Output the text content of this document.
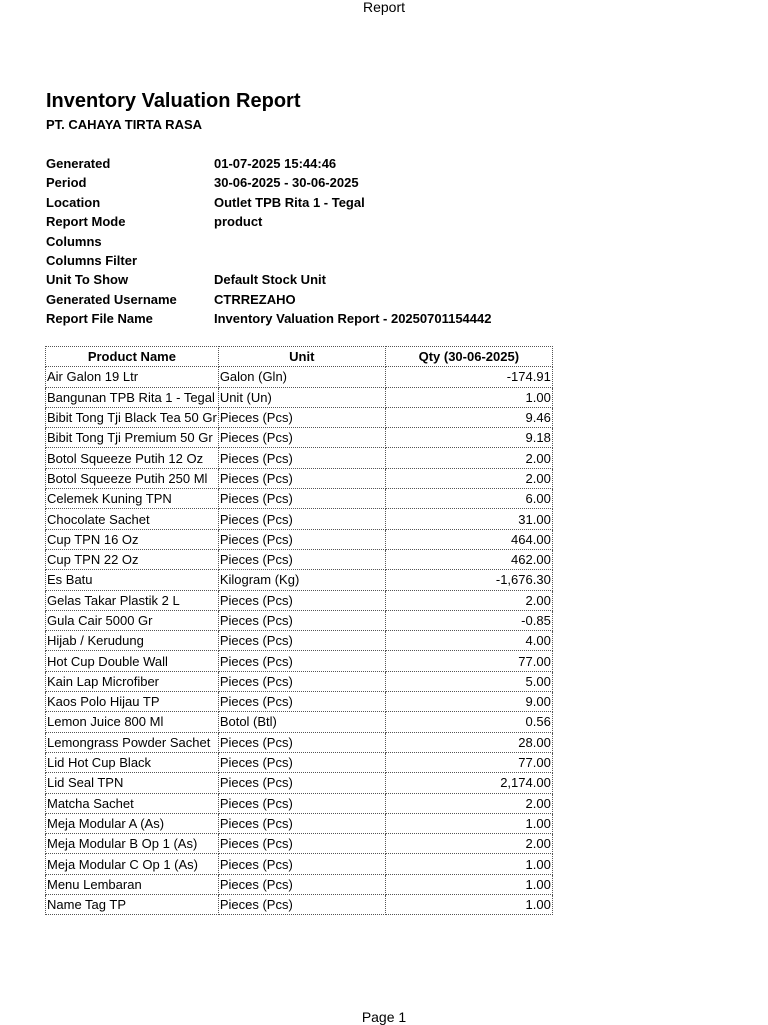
Report
Inventory Valuation Report
PT. CAHAYA TIRTA RASA
Generated	01-07-2025 15:44:46
Period	30-06-2025 - 30-06-2025
Location	Outlet TPB Rita 1 - Tegal
Report Mode	product
Columns
Columns Filter
Unit To Show	Default Stock Unit
Generated Username	CTRREZAHO
Report File Name	Inventory Valuation Report - 20250701154442
Product Name	Unit	Qty (30-06-2025)
Air Galon 19 Ltr	Galon (Gln)	-174.91
Bangunan TPB Rita 1 - Tegal	Unit (Un)	1.00
Bibit Tong Tji Black Tea 50 Gr	Pieces (Pcs)	9.46
Bibit Tong Tji Premium 50 Gr	Pieces (Pcs)	9.18
Botol Squeeze Putih 12 Oz	Pieces (Pcs)	2.00
Botol Squeeze Putih 250 Ml	Pieces (Pcs)	2.00
Celemek Kuning TPN	Pieces (Pcs)	6.00
Chocolate Sachet	Pieces (Pcs)	31.00
Cup TPN 16 Oz	Pieces (Pcs)	464.00
Cup TPN 22 Oz	Pieces (Pcs)	462.00
Es Batu	Kilogram (Kg)	-1,676.30
Gelas Takar Plastik 2 L	Pieces (Pcs)	2.00
Gula Cair 5000 Gr	Pieces (Pcs)	-0.85
Hijab / Kerudung	Pieces (Pcs)	4.00
Hot Cup Double Wall	Pieces (Pcs)	77.00
Kain Lap Microfiber	Pieces (Pcs)	5.00
Kaos Polo Hijau TP	Pieces (Pcs)	9.00
Lemon Juice 800 Ml	Botol (Btl)	0.56
Lemongrass Powder Sachet	Pieces (Pcs)	28.00
Lid Hot Cup Black	Pieces (Pcs)	77.00
Lid Seal TPN	Pieces (Pcs)	2,174.00
Matcha Sachet	Pieces (Pcs)	2.00
Meja Modular A (As)	Pieces (Pcs)	1.00
Meja Modular B Op 1 (As)	Pieces (Pcs)	2.00
Meja Modular C Op 1 (As)	Pieces (Pcs)	1.00
Menu Lembaran	Pieces (Pcs)	1.00
Name Tag TP	Pieces (Pcs)	1.00
Page 1
